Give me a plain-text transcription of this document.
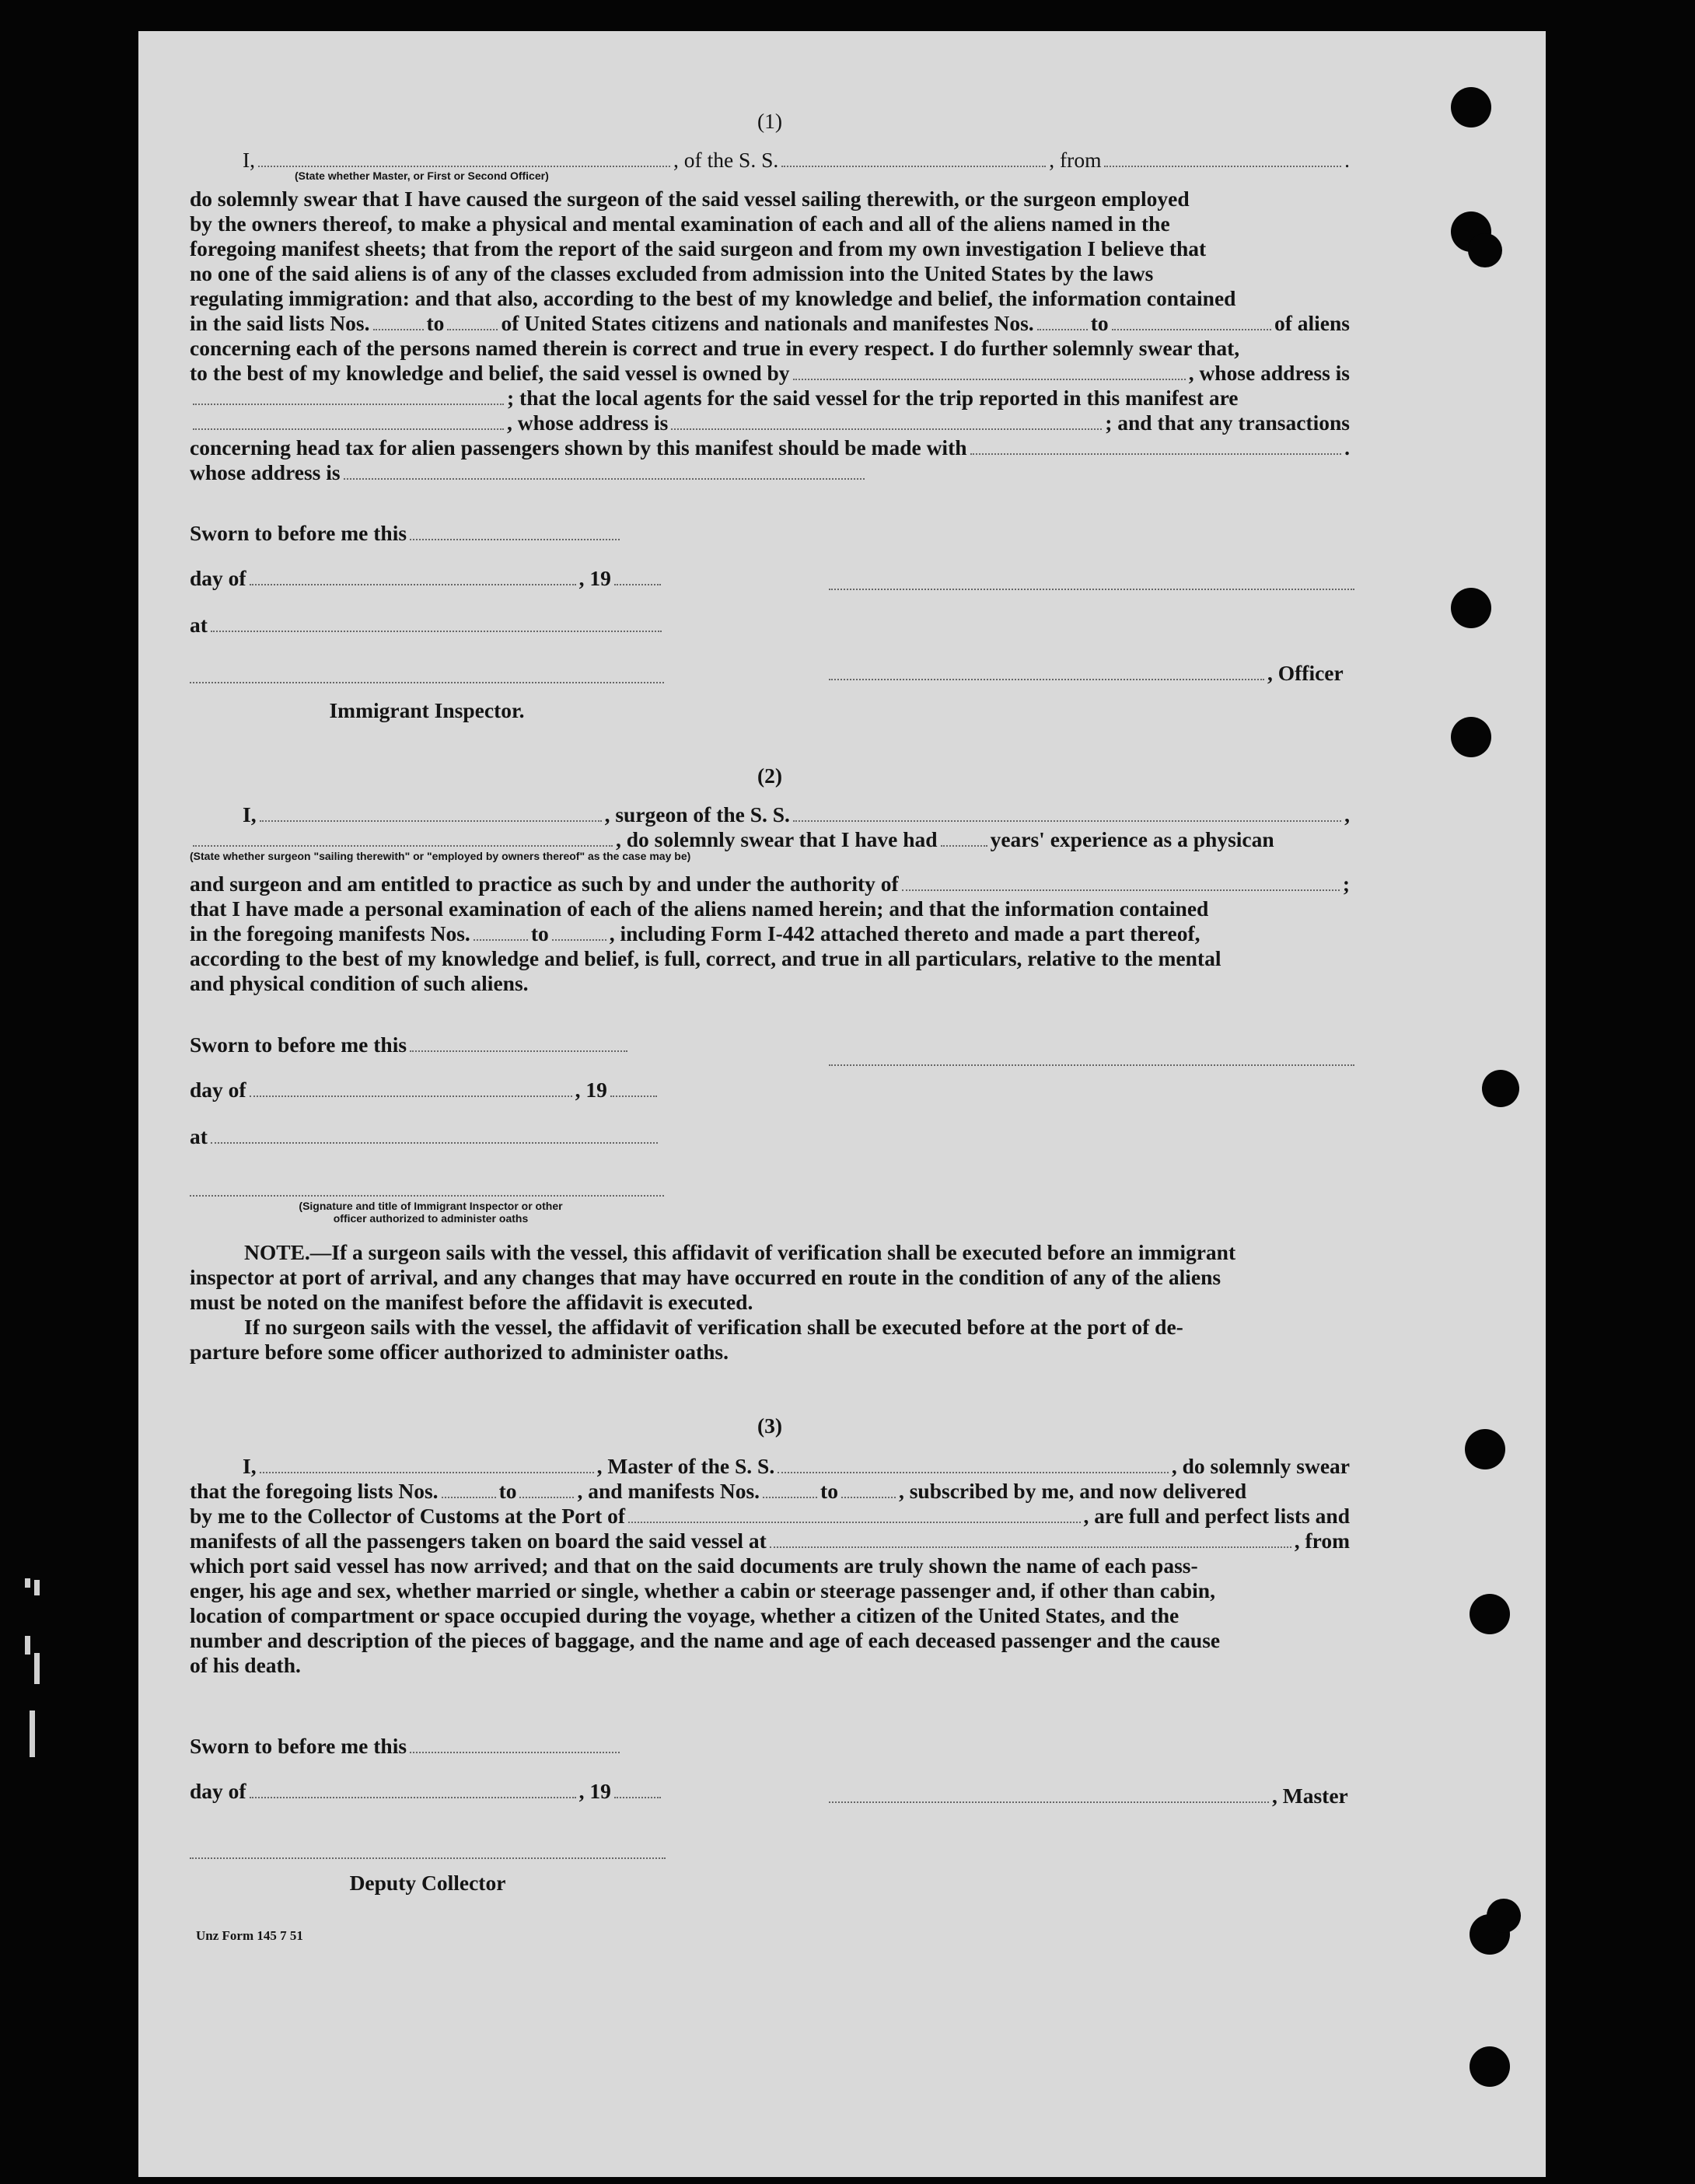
(1)
I,	, of the S. S.	, from	.
(State whether Master, or First or Second Officer)

do solemnly swear that I have caused the surgeon of the said vessel sailing therewith, or the surgeon employed

by the owners thereof, to make a physical and mental examination of each and all of the aliens named in the

foregoing manifest sheets; that from the report of the said surgeon and from my own investigation I believe that

no one of the said aliens is of any of the classes excluded from admission into the United States by the laws

regulating immigration: and that also, according to the best of my knowledge and belief, the information contained

in the said lists Nos.	to	of United States citizens and nationals and manifestes Nos.	to	of aliens

concerning each of the persons named therein is correct and true in every respect. I do further solemnly swear that,

to the best of my knowledge and belief, the said vessel is owned by	, whose address is
; that the local agents for the said vessel for the trip reported in this manifest are
, whose address is	; and that any transactions
concerning head tax for alien passengers shown by this manifest should be made with	.
whose address is
Sworn to before me this
day of	, 19
at
, Officer
Immigrant Inspector.
(2)
I,	, surgeon of the S. S.	,
, do solemnly swear that I have had years' experience as a physican
(State whether surgeon "sailing therewith" or "employed by owners thereof" as the case may be)
and surgeon and am entitled to practice as such by and under the authority of	;

that I have made a personal examination of each of the aliens named herein; and that the information contained

in the foregoing manifests Nos.	to	, including Form I-442 attached thereto and made a part thereof,

according to the best of my knowledge and belief, is full, correct, and true in all particulars, relative to the mental

and physical condition of such aliens.

Sworn to before me this
day of	, 19
at
(Signature and title of Immigrant Inspector or other
officer authorized to administer oaths

NOTE.—If a surgeon sails with the vessel, this affidavit of verification shall be executed before an immigrant

inspector at port of arrival, and any changes that may have occurred en route in the condition of any of the aliens

must be noted on the manifest before the affidavit is executed.

If no surgeon sails with the vessel, the affidavit of verification shall be executed before at the port of de-

parture before some officer authorized to administer oaths.

(3)
I,	, Master of the S. S.	, do solemnly swear
that the foregoing lists Nos.	to	, and manifests Nos.	to	, subscribed by me, and now delivered
by me to the Collector of Customs at the Port of	, are full and perfect lists and
manifests of all the passengers taken on board the said vessel at	, from

which port said vessel has now arrived; and that on the said documents are truly shown the name of each pass-

enger, his age and sex, whether married or single, whether a cabin or steerage passenger and, if other than cabin,

location of compartment or space occupied during the voyage, whether a citizen of the United States, and the

number and description of the pieces of baggage, and the name and age of each deceased passenger and the cause

of his death.

Sworn to before me this
day of	, 19	, Master
Deputy Collector
Unz Form 145 7 51
